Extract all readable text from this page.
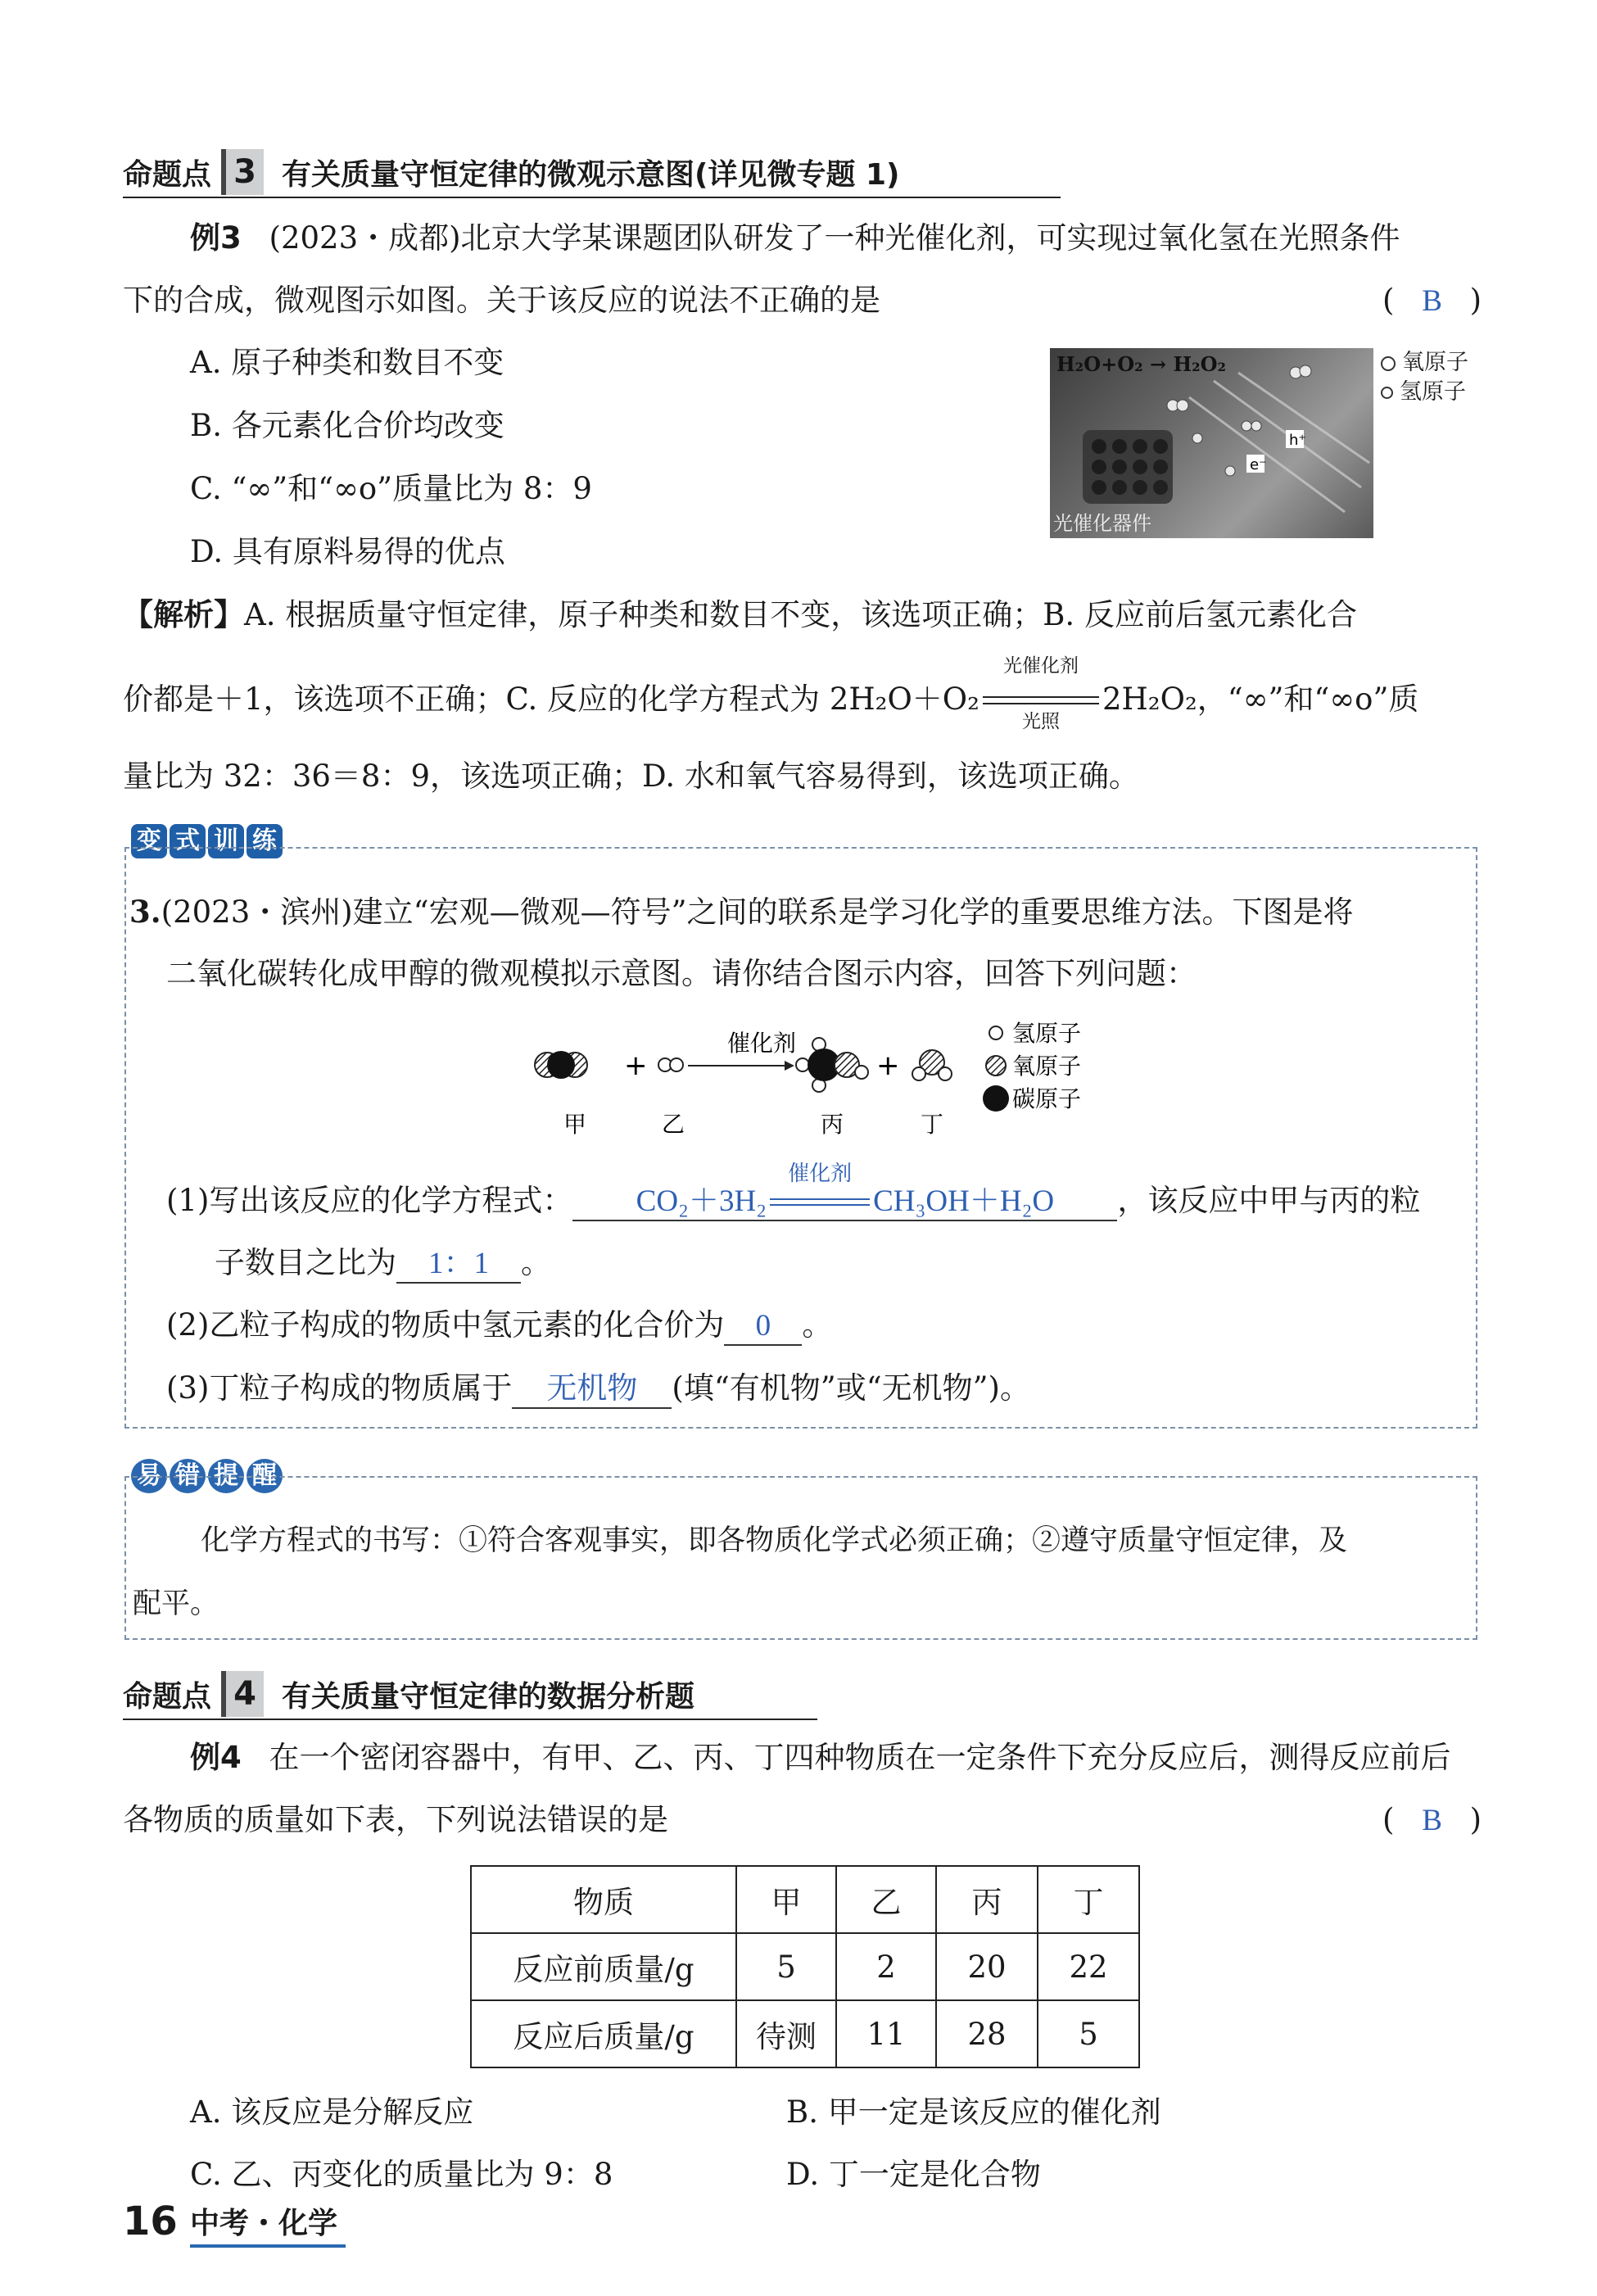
命题点 3 有关质量守恒定律的微观示意图(详见微专题 1)
例3 (2023・成都)北京大学某课题团队研发了一种光催化剂，可实现过氧化氢在光照条件
下的合成，微观图示如图。关于该反应的说法不正确的是	( B )
A. 原子种类和数目不变
B. 各元素化合价均改变
C. “∞”和“∞o”质量比为 8：9
D. 具有原料易得的优点
h⁺
e⁻
H₂O+O₂ → H₂O₂
光催化器件
氧原子
氢原子
【解析】A. 根据质量守恒定律，原子种类和数目不变，该选项正确；B. 反应前后氢元素化合
价都是＋1，该选项不正确；C. 反应的化学方程式为 2H₂O＋O₂
光催化剂
光照
2H₂O₂，“∞”和“∞o”质
量比为 32：36＝8：9，该选项正确；D. 水和氧气容易得到，该选项正确。
变 式 训 练
3.(2023・滨州)建立“宏观—微观—符号”之间的联系是学习化学的重要思维方法。下图是将
二氧化碳转化成甲醇的微观模拟示意图。请你结合图示内容，回答下列问题：
+
催化剂
+
甲	乙	丙	丁
氢原子
氧原子
碳原子
(1)写出该反应的化学方程式： CO₂＋3H₂
催化剂
CH₃OH＋H₂O ，该反应中甲与丙的粒
子数目之比为 1：1 。
(2)乙粒子构成的物质中氢元素的化合价为 0 。
(3)丁粒子构成的物质属于 无机物 (填“有机物”或“无机物”)。
易 错 提 醒
化学方程式的书写：①符合客观事实，即各物质化学式必须正确；②遵守质量守恒定律，及
配平。
命题点 4 有关质量守恒定律的数据分析题
例4 在一个密闭容器中，有甲、乙、丙、丁四种物质在一定条件下充分反应后，测得反应前后
各物质的质量如下表，下列说法错误的是	( B )
物质	甲	乙	丙	丁
反应前质量/g	5	2	20	22
反应后质量/g	待测	11	28	5
A. 该反应是分解反应	B. 甲一定是该反应的催化剂
C. 乙、丙变化的质量比为 9：8	D. 丁一定是化合物
16 中考・化学
